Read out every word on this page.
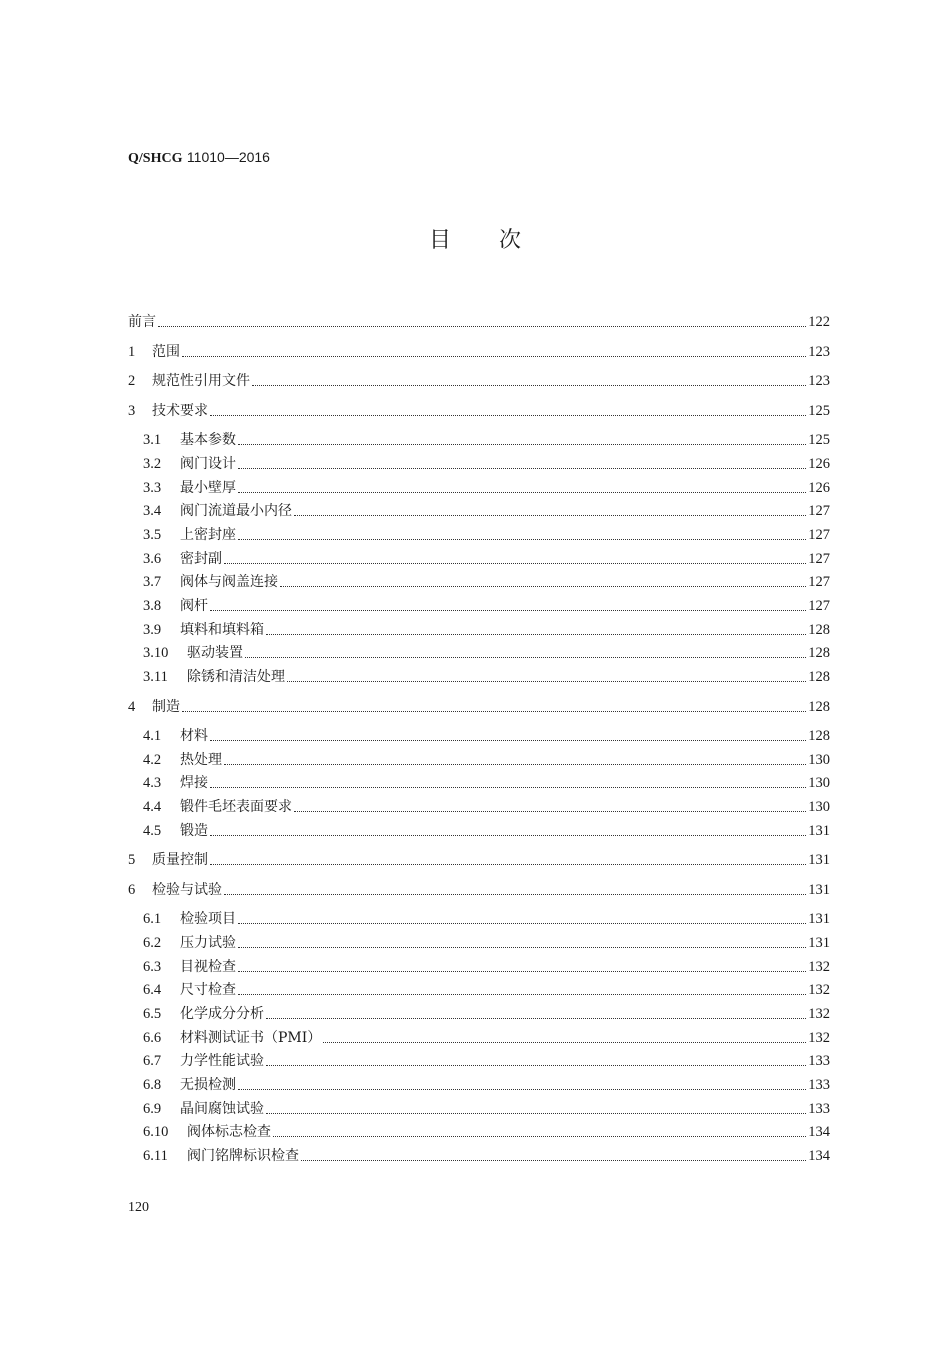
Q/SHCG 11010—2016
目次
前言	122
1	范围	123
2	规范性引用文件	123
3	技术要求	125
3.1	基本参数	125
3.2	阀门设计	126
3.3	最小壁厚	126
3.4	阀门流道最小内径	127
3.5	上密封座	127
3.6	密封副	127
3.7	阀体与阀盖连接	127
3.8	阀杆	127
3.9	填料和填料箱	128
3.10	驱动装置	128
3.11	除锈和清洁处理	128
4	制造	128
4.1	材料	128
4.2	热处理	130
4.3	焊接	130
4.4	锻件毛坯表面要求	130
4.5	锻造	131
5	质量控制	131
6	检验与试验	131
6.1	检验项目	131
6.2	压力试验	131
6.3	目视检查	132
6.4	尺寸检查	132
6.5	化学成分分析	132
6.6	材料测试证书（PMI）	132
6.7	力学性能试验	133
6.8	无损检测	133
6.9	晶间腐蚀试验	133
6.10	阀体标志检查	134
6.11	阀门铭牌标识检查	134
120
